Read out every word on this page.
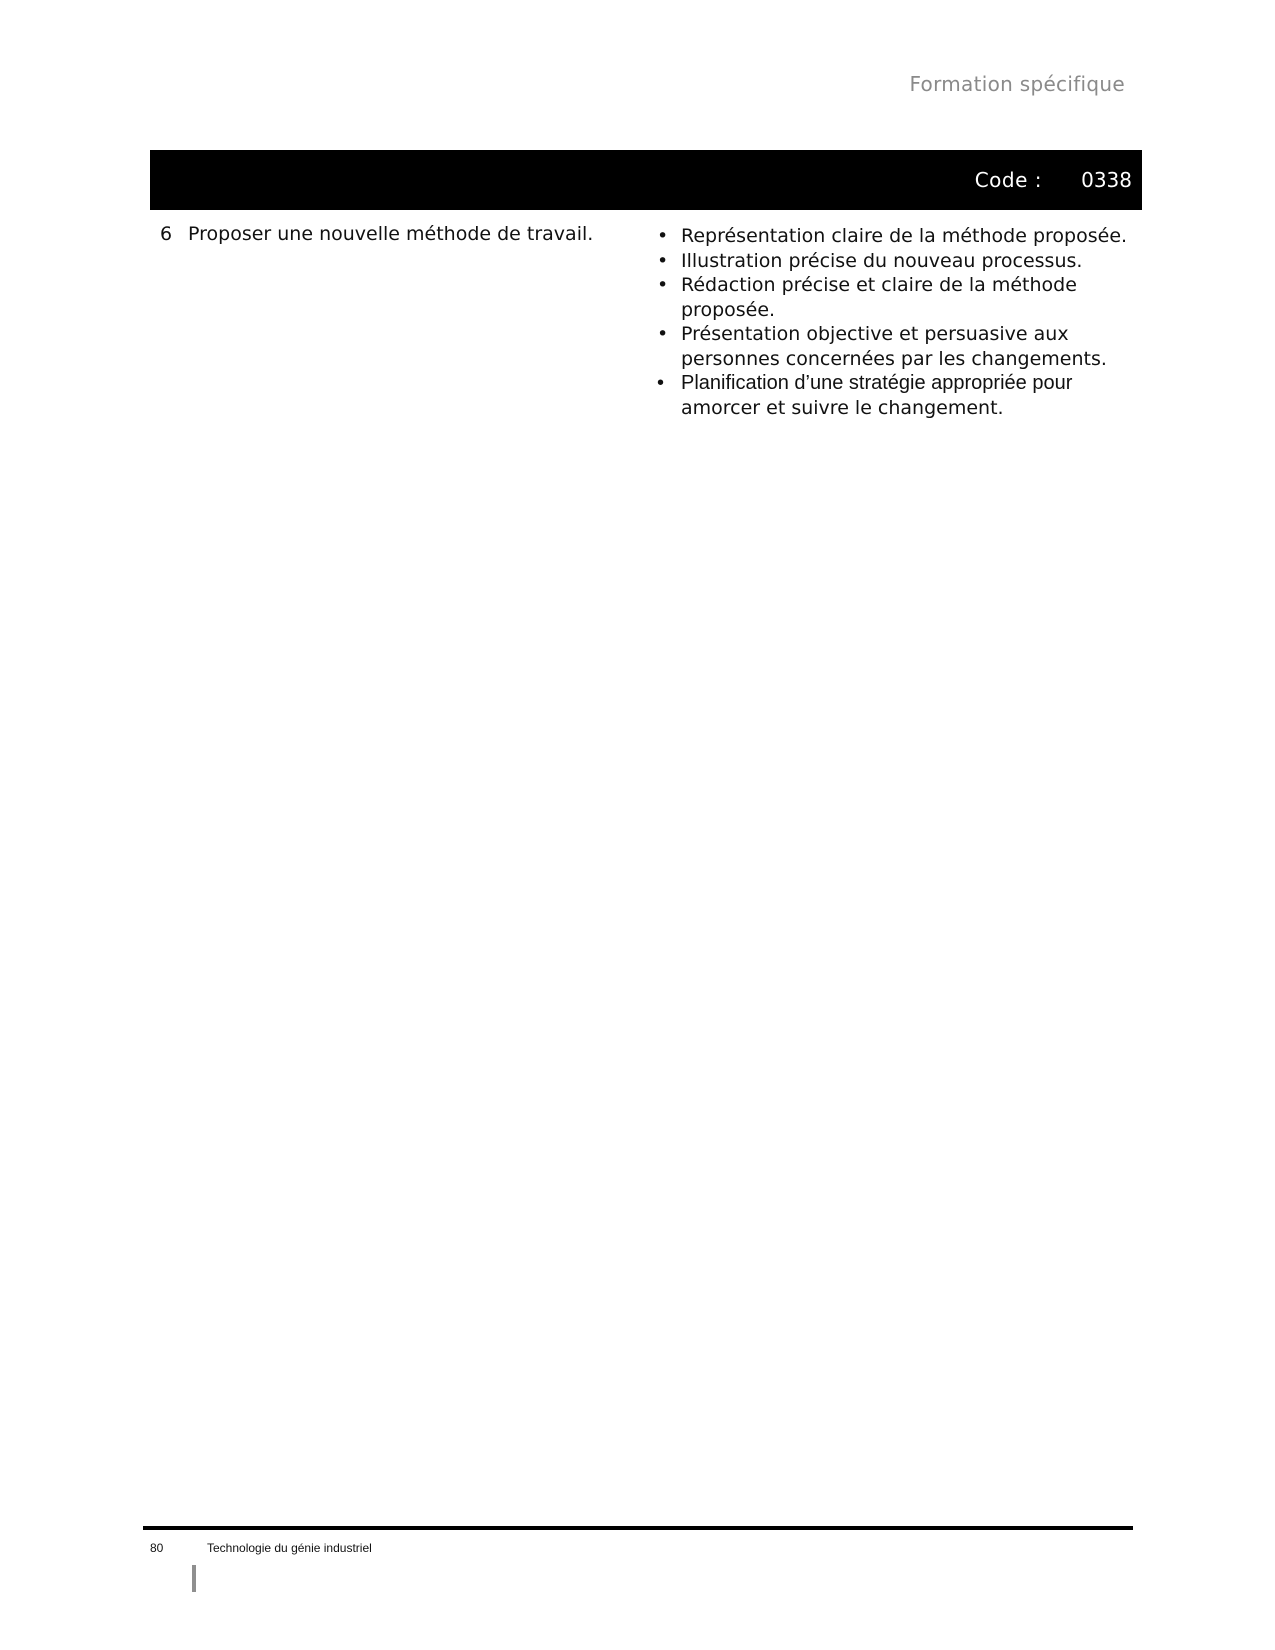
Formation spécifique
Code : 0338
6 Proposer une nouvelle méthode de travail.	• Représentation claire de la méthode proposée.
• Illustration précise du nouveau processus.
• Rédaction précise et claire de la méthode proposée.
• Présentation objective et persuasive aux personnes concernées par les changements.
• Planification d’une stratégie appropriée pour
amorcer et suivre le changement.
80	Technologie du génie industriel
